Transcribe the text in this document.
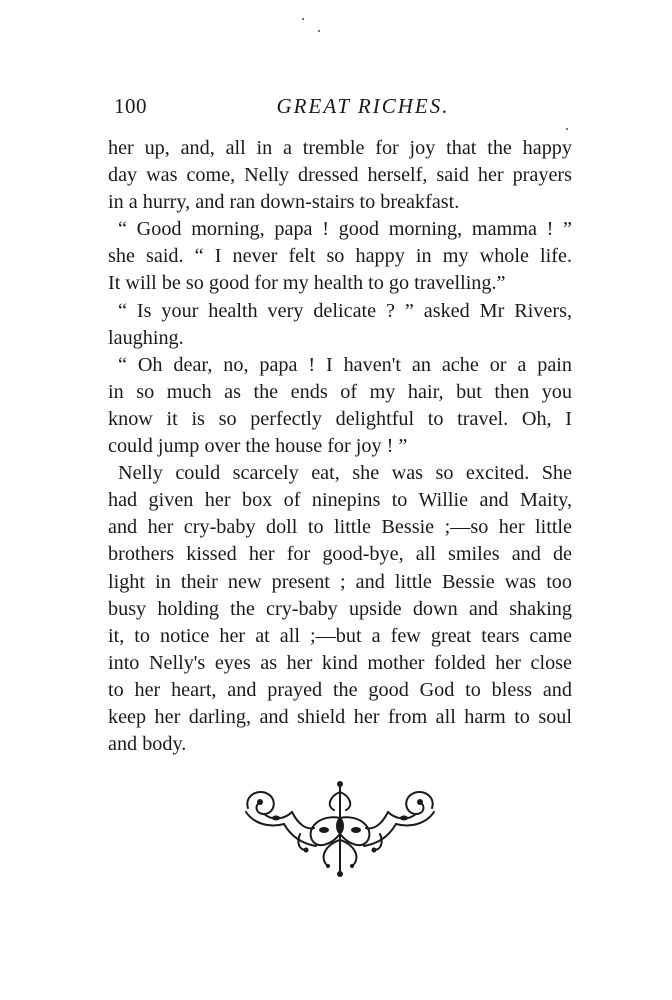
100	GREAT RICHES.

her up, and, all in a tremble for joy that the happy
day was come, Nelly dressed herself, said her prayers
in a hurry, and ran down-stairs to breakfast.

“ Good morning, papa ! good morning, mamma ! ”

she said. “ I never felt so happy in my whole life.
It will be so good for my health to go travelling.”

“ Is your health very delicate ? ” asked Mr Rivers,

laughing.

“ Oh dear, no, papa ! I haven't an ache or a pain

in so much as the ends of my hair, but then you
know it is so perfectly delightful to travel. Oh, I
could jump over the house for joy ! ”

Nelly could scarcely eat, she was so excited. She

had given her box of ninepins to Willie and Maity,
and her cry-baby doll to little Bessie ;—so her little
brothers kissed her for good-bye, all smiles and de
light in their new present ; and little Bessie was too
busy holding the cry-baby upside down and shaking
it, to notice her at all ;—but a few great tears came
into Nelly's eyes as her kind mother folded her close
to her heart, and prayed the good God to bless and
keep her darling, and shield her from all harm to soul
and body.
